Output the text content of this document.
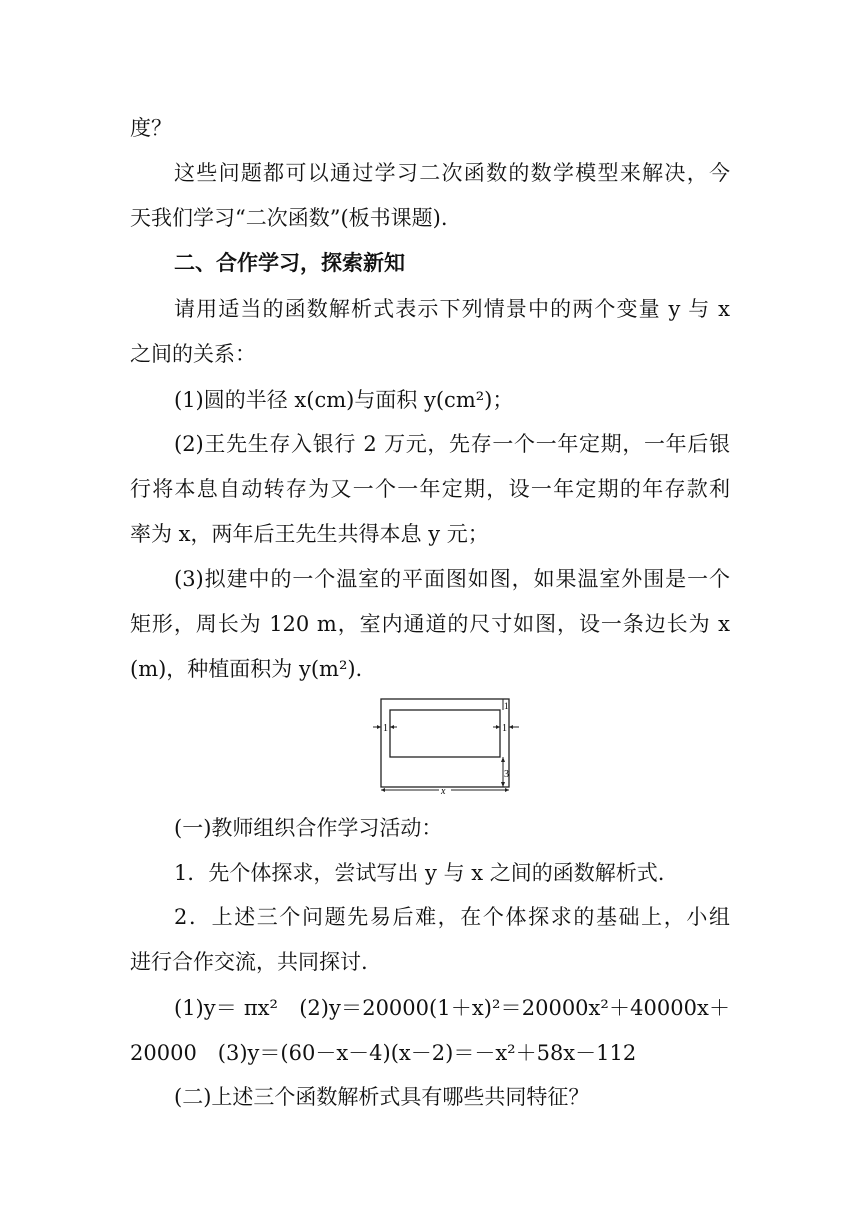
度？
这些问题都可以通过学习二次函数的数学模型来解决，今
天我们学习“二次函数”(板书课题).
二、合作学习，探索新知
请用适当的函数解析式表示下列情景中的两个变量 y 与 x
之间的关系：
(1)圆的半径 x(cm)与面积 y(cm²)；
(2)王先生存入银行 2 万元，先存一个一年定期，一年后银
行将本息自动转存为又一个一年定期，设一年定期的年存款利
率为 x，两年后王先生共得本息 y 元；
(3)拟建中的一个温室的平面图如图，如果温室外围是一个
矩形，周长为 120 m，室内通道的尺寸如图，设一条边长为 x
(m)，种植面积为 y(m²).
1	1
1
3
x
(一)教师组织合作学习活动：
1．先个体探求，尝试写出 y 与 x 之间的函数解析式.
2．上述三个问题先易后难，在个体探求的基础上，小组
进行合作交流，共同探讨.
(1)y＝ πx²　(2)y＝20000(1＋x)²＝20000x²＋40000x＋
20000　(3)y＝(60－x－4)(x－2)＝－x²＋58x－112
(二)上述三个函数解析式具有哪些共同特征？
